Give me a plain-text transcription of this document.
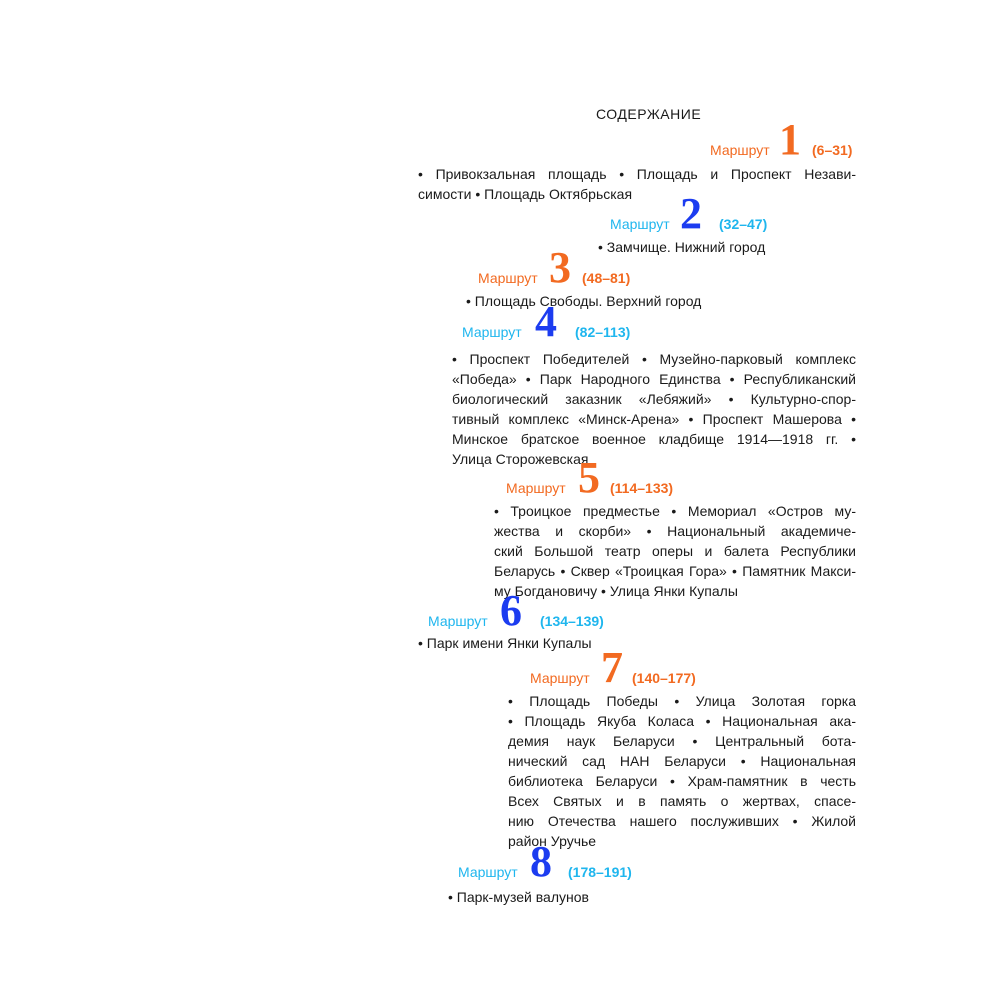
СОДЕРЖАНИЕ
Маршрут 1 (6–31)
• Привокзальная площадь • Площадь и Проспект Незави-
симости • Площадь Октябрьская
Маршрут 2 (32–47)
• Замчище. Нижний город
Маршрут 3 (48–81)
• Площадь Свободы. Верхний город
Маршрут 4 (82–113)
• Проспект Победителей • Музейно-парковый комплекс
«Победа» • Парк Народного Единства • Республиканский
биологический заказник «Лебяжий» • Культурно-спор-
тивный комплекс «Минск-Арена» • Проспект Машерова •
Минское братское военное кладбище 1914—1918 гг. •
Улица Сторожевская
Маршрут 5 (114–133)
• Троицкое предместье • Мемориал «Остров му-
жества и скорби» • Национальный академиче-
ский Большой театр оперы и балета Республики
Беларусь • Сквер «Троицкая Гора» • Памятник Макси-
му Богдановичу • Улица Янки Купалы
Маршрут 6 (134–139)
• Парк имени Янки Купалы
Маршрут 7 (140–177)
• Площадь Победы • Улица Золотая горка
• Площадь Якуба Коласа • Национальная ака-
демия наук Беларуси • Центральный бота-
нический сад НАН Беларуси • Национальная
библиотека Беларуси • Храм-памятник в честь
Всех Святых и в память о жертвах, спасе-
нию Отечества нашего послуживших • Жилой
район Уручье
Маршрут 8 (178–191)
• Парк-музей валунов
